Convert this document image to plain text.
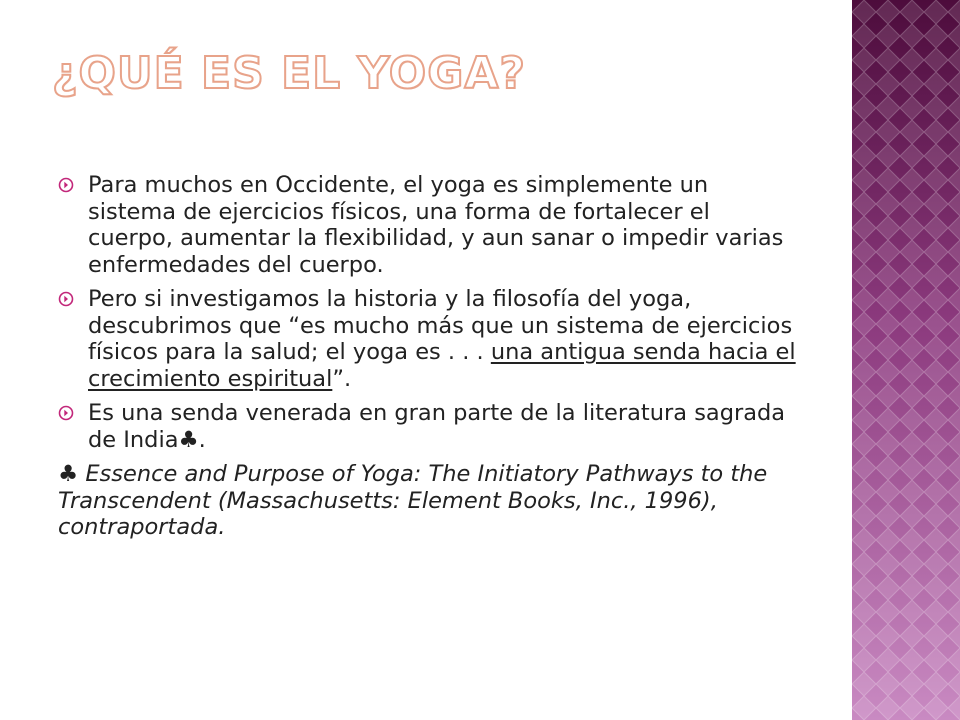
¿QUÉ ES EL YOGA?
Para muchos en Occidente, el yoga es simplemente un sistema de ejercicios físicos, una forma de fortalecer el cuerpo, aumentar la flexibilidad, y aun sanar o impedir varias enfermedades del cuerpo.
Pero si investigamos la historia y la filosofía del yoga, descubrimos que “es mucho más que un sistema de ejercicios físicos para la salud; el yoga es . . . una antigua senda hacia el crecimiento espiritual”.
Es una senda venerada en gran parte de la literatura sagrada de India♣.

♣ Essence and Purpose of Yoga: The Initiatory Pathways to the Transcendent (Massachusetts: Element Books, Inc., 1996), contraportada.
